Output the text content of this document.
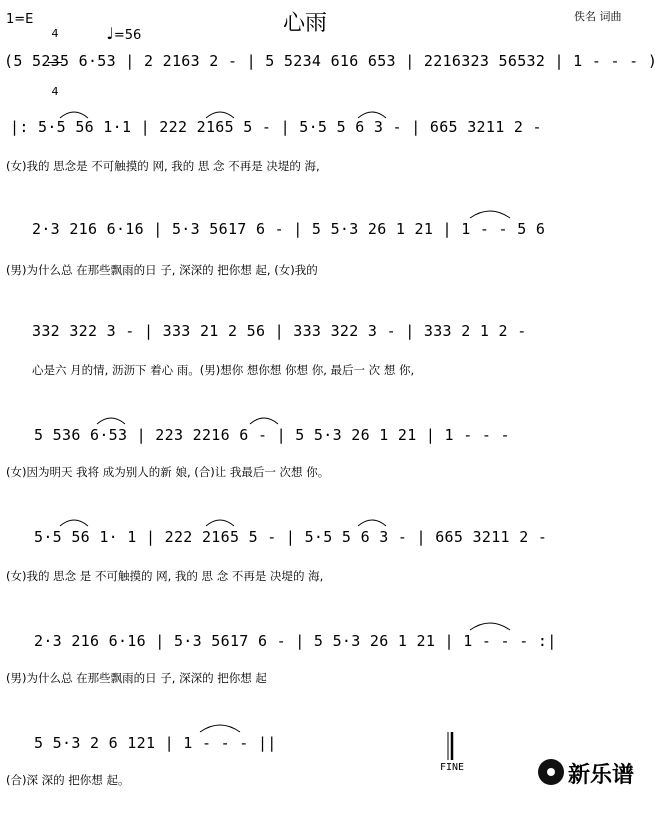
1=E

4

4

♩=56	心雨	佚名 词曲
(5 5235 6·53 | 2 2163 2 - | 5 5234 616 653 | 2216323 56532 | 1 - - - )
|: 5·5 56 1·1 | 222 2165 5 - | 5·5 5 6 3 - | 665 3211 2 -
(女)我的 思念是 不可触摸的 网, 我的 思 念 不再是 决堤的 海,
2·3 216 6·16 | 5·3 5617 6 - | 5 5·3 26 1 21 | 1 - - 5 6
(男)为什么总 在那些飘雨的日 子, 深深的 把你想 起, (女)我的
332 322 3 - | 333 21 2 56 | 333 322 3 - | 333 2 1 2 -
心是六 月的情, 沥沥下 着心 雨。(男)想你 想你想 你想 你, 最后一 次 想 你,
5 536 6·53 | 223 2216 6 - | 5 5·3 26 1 21 | 1 - - -
(女)因为明天 我将 成为别人的新 娘, (合)让 我最后一 次想 你。
5·5 56 1· 1 | 222 2165 5 - | 5·5 5 6 3 - | 665 3211 2 -
(女)我的 思念 是 不可触摸的 网, 我的 思 念 不再是 决堤的 海,
2·3 216 6·16 | 5·3 5617 6 - | 5 5·3 26 1 21 | 1 - - - :|
(男)为什么总 在那些飘雨的日 子, 深深的 把你想 起
5 5·3 2 6 121 | 1 - - - ||
(合)深 深的 把你想 起。
FINE

	新乐谱
